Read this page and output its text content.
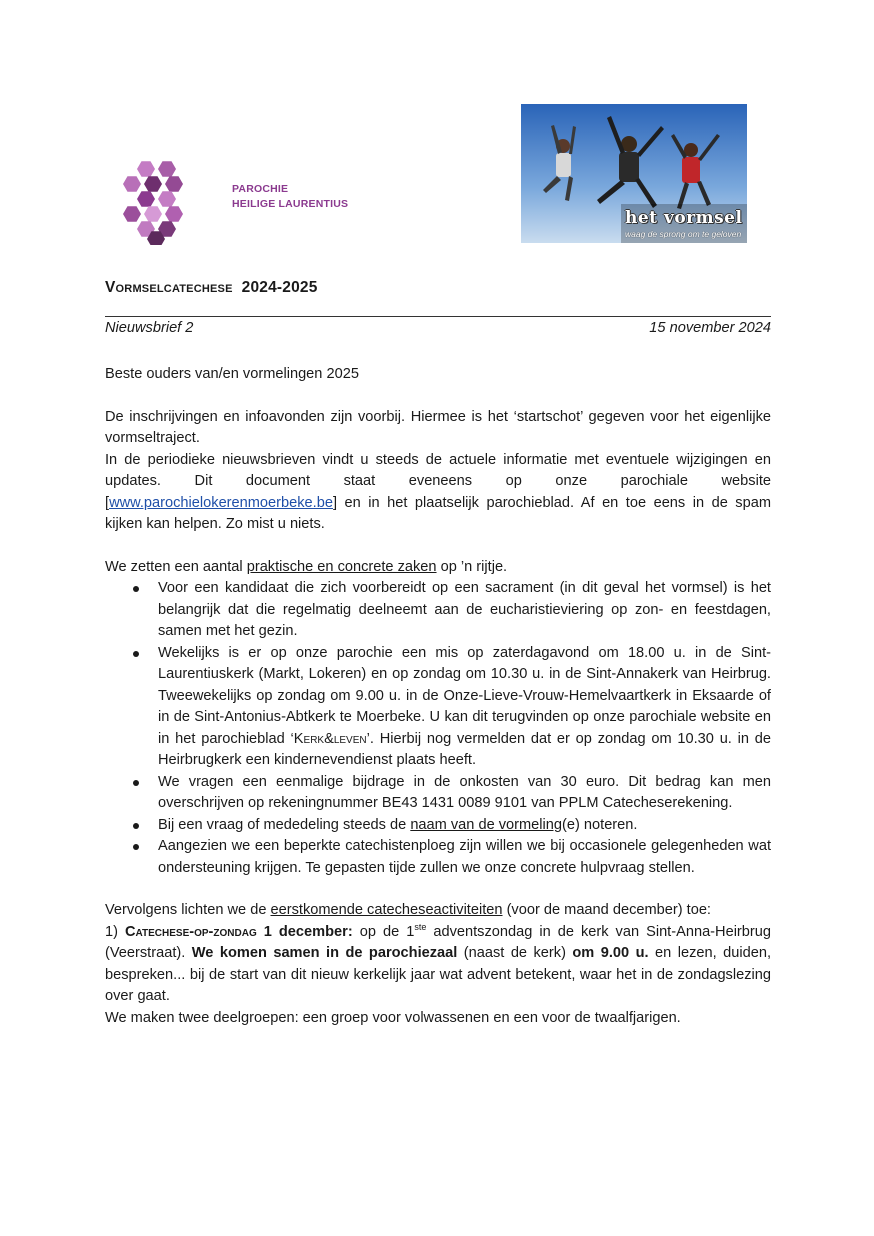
PAROCHIE
HEILIGE LAURENTIUS
het vormsel
waag de sprong om te geloven
Vormselcatechese 2024-2025
Nieuwsbrief 2	15 november 2024

Beste ouders van/en vormelingen 2025

De inschrijvingen en infoavonden zijn voorbij. Hiermee is het ‘startschot’ gegeven voor het eigenlijke vormseltraject.

In de periodieke nieuwsbrieven vindt u steeds de actuele informatie met eventuele wijzigingen en updates. Dit document staat eveneens op onze parochiale website [www.parochielokerenmoerbeke.be] en in het plaatselijk parochieblad. Af en toe eens in de spam kijken kan helpen. Zo mist u niets.

We zetten een aantal praktische en concrete zaken op ’n rijtje.

Voor een kandidaat die zich voorbereidt op een sacrament (in dit geval het vormsel) is het belangrijk dat die regelmatig deelneemt aan de eucharistieviering op zon- en feestdagen, samen met het gezin.
Wekelijks is er op onze parochie een mis op zaterdagavond om 18.00 u. in de Sint-Laurentiuskerk (Markt, Lokeren) en op zondag om 10.30 u. in de Sint-Annakerk van Heirbrug. Tweewekelijks op zondag om 9.00 u. in de Onze-Lieve-Vrouw-Hemelvaartkerk in Eksaarde of in de Sint-Antonius-Abtkerk te Moerbeke. U kan dit terugvinden op onze parochiale website en in het parochieblad ‘Kerk&leven’. Hierbij nog vermelden dat er op zondag om 10.30 u. in de Heirbrugkerk een kindernevendienst plaats heeft.
We vragen een eenmalige bijdrage in de onkosten van 30 euro. Dit bedrag kan men overschrijven op rekeningnummer BE43 1431 0089 9101 van PPLM Catecheserekening.
Bij een vraag of mededeling steeds de naam van de vormeling(e) noteren.
Aangezien we een beperkte catechistenploeg zijn willen we bij occasionele gelegenheden wat ondersteuning krijgen. Te gepasten tijde zullen we onze concrete hulpvraag stellen.

Vervolgens lichten we de eerstkomende catecheseactiviteiten (voor de maand december) toe:

1) Catechese-op-zondag 1 december: op de 1ste adventszondag in de kerk van Sint-Anna-Heirbrug (Veerstraat). We komen samen in de parochiezaal (naast de kerk) om 9.00 u. en lezen, duiden, bespreken... bij de start van dit nieuw kerkelijk jaar wat advent betekent, waar het in de zondagslezing over gaat.

We maken twee deelgroepen: een groep voor volwassenen en een voor de twaalfjarigen.
